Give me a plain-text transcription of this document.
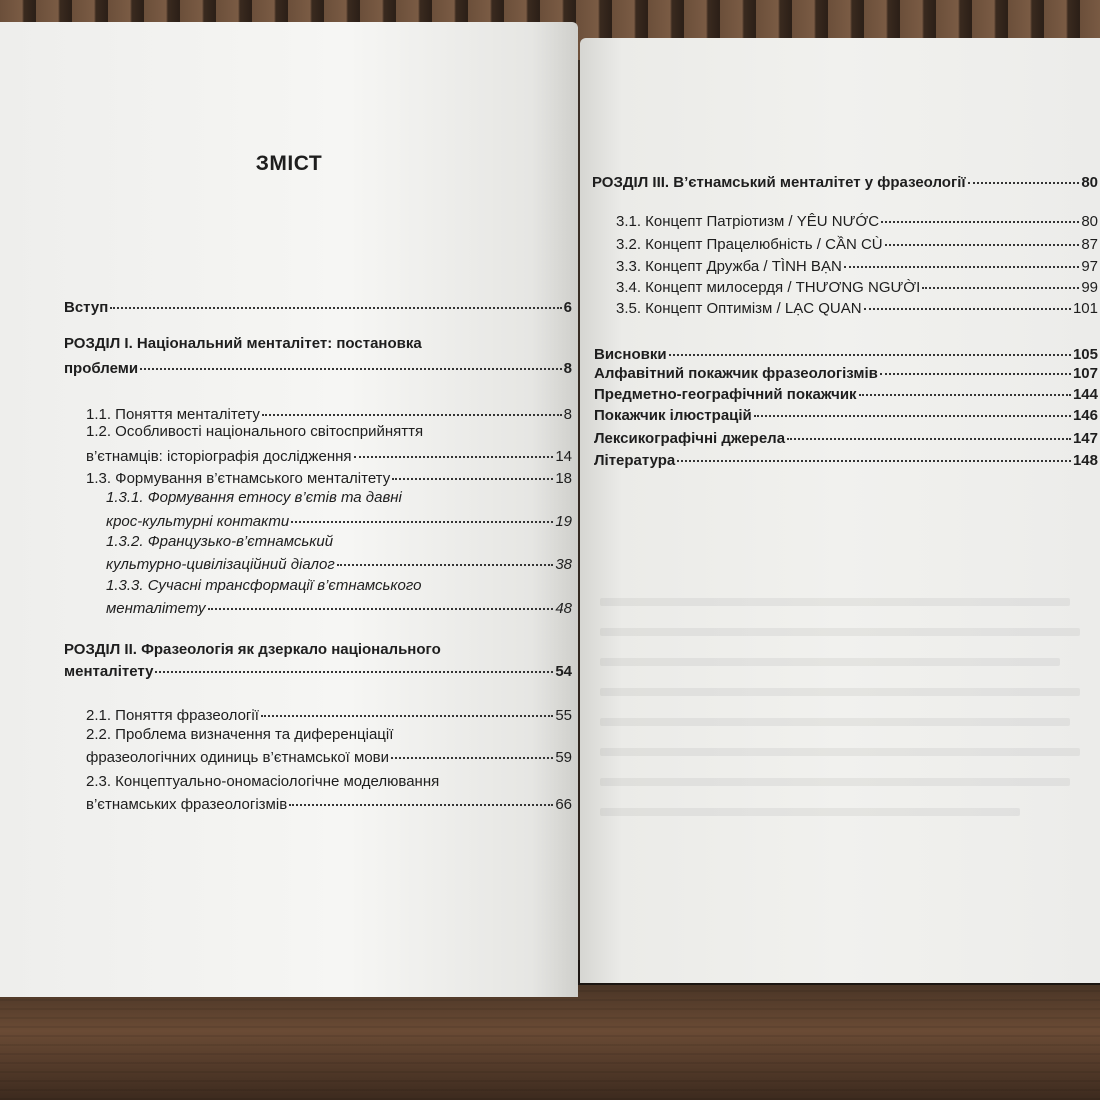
ЗМІСТ
Вступ	6
РОЗДІЛ І. Національний менталітет: постановка
проблеми	8
1.1. Поняття менталітету	8
1.2. Особливості національного світосприйняття
в’єтнамців: історіографія дослідження	14
1.3. Формування в’єтнамського менталітету	18
1.3.1. Формування етносу в’єтів та давні
крос-культурні контакти	19
1.3.2. Французько-в’єтнамський
культурно-цивілізаційний діалог	38
1.3.3. Сучасні трансформації в’єтнамського
менталітету	48
РОЗДІЛ ІІ. Фразеологія як дзеркало національного
менталітету	54
2.1. Поняття фразеології	55
2.2. Проблема визначення та диференціації
фразеологічних одиниць в’єтнамської мови	59
2.3. Концептуально-ономасіологічне моделювання
в’єтнамських фразеологізмів	66
РОЗДІЛ ІІІ. В’єтнамський менталітет у фразеології	80
3.1. Концепт Патріотизм / YÊU NƯỚC	80
3.2. Концепт Працелюбність / CẦN CÙ	87
3.3. Концепт Дружба / TÌNH BẠN	97
3.4. Концепт милосердя / THƯƠNG NGƯỜI	99
3.5. Концепт Оптимізм / LẠC QUAN	101
Висновки	105
Алфавітний покажчик фразеологізмів	107
Предметно-географічний покажчик	144
Покажчик ілюстрацій	146
Лексикографічні джерела	147
Література	148
